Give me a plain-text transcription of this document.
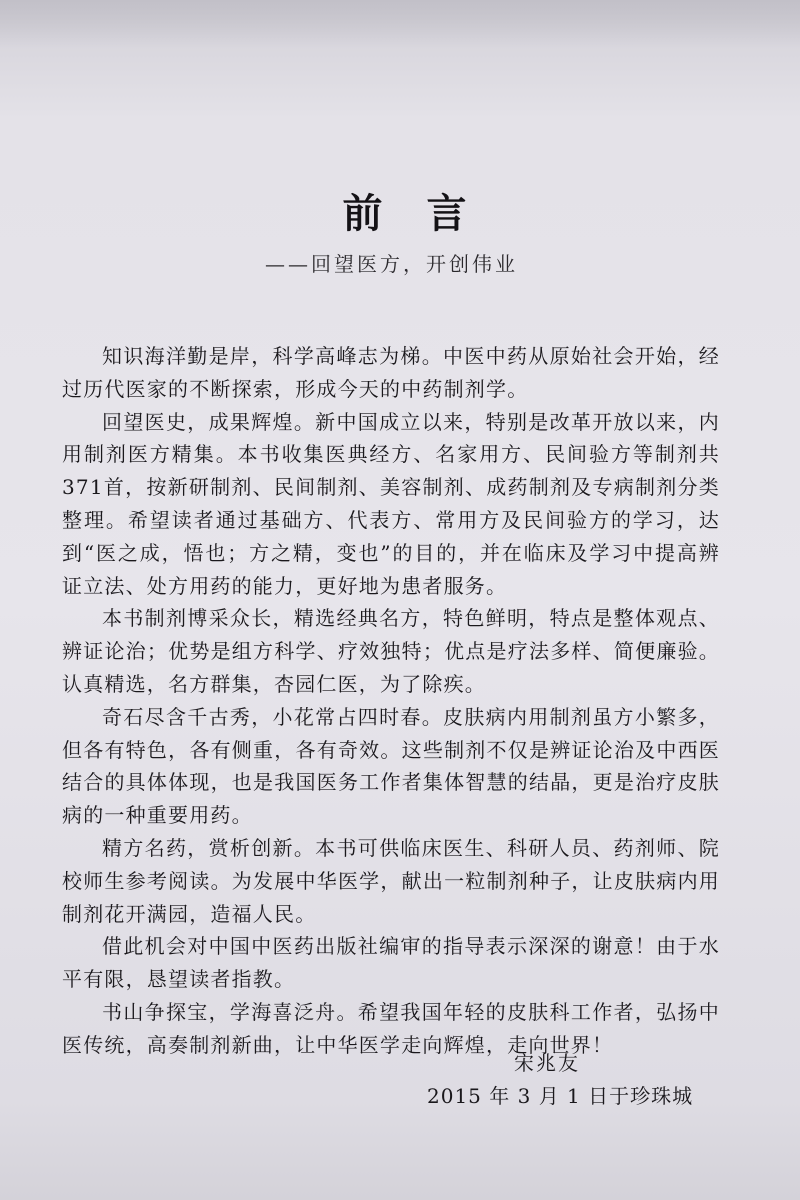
前言
——回望医方，开创伟业

知识海洋勤是岸，科学高峰志为梯。中医中药从原始社会开始，经过历代医家的不断探索，形成今天的中药制剂学。

回望医史，成果辉煌。新中国成立以来，特别是改革开放以来，内用制剂医方精集。本书收集医典经方、名家用方、民间验方等制剂共371首，按新研制剂、民间制剂、美容制剂、成药制剂及专病制剂分类整理。希望读者通过基础方、代表方、常用方及民间验方的学习，达到“医之成，悟也；方之精，变也”的目的，并在临床及学习中提高辨证立法、处方用药的能力，更好地为患者服务。

本书制剂博采众长，精选经典名方，特色鲜明，特点是整体观点、辨证论治；优势是组方科学、疗效独特；优点是疗法多样、简便廉验。认真精选，名方群集，杏园仁医，为了除疾。

奇石尽含千古秀，小花常占四时春。皮肤病内用制剂虽方小繁多，但各有特色，各有侧重，各有奇效。这些制剂不仅是辨证论治及中西医结合的具体体现，也是我国医务工作者集体智慧的结晶，更是治疗皮肤病的一种重要用药。

精方名药，赏析创新。本书可供临床医生、科研人员、药剂师、院校师生参考阅读。为发展中华医学，献出一粒制剂种子，让皮肤病内用制剂花开满园，造福人民。

借此机会对中国中医药出版社编审的指导表示深深的谢意！由于水平有限，恳望读者指教。

书山争探宝，学海喜泛舟。希望我国年轻的皮肤科工作者，弘扬中医传统，高奏制剂新曲，让中华医学走向辉煌，走向世界！

宋兆友
2015 年 3 月 1 日于珍珠城
